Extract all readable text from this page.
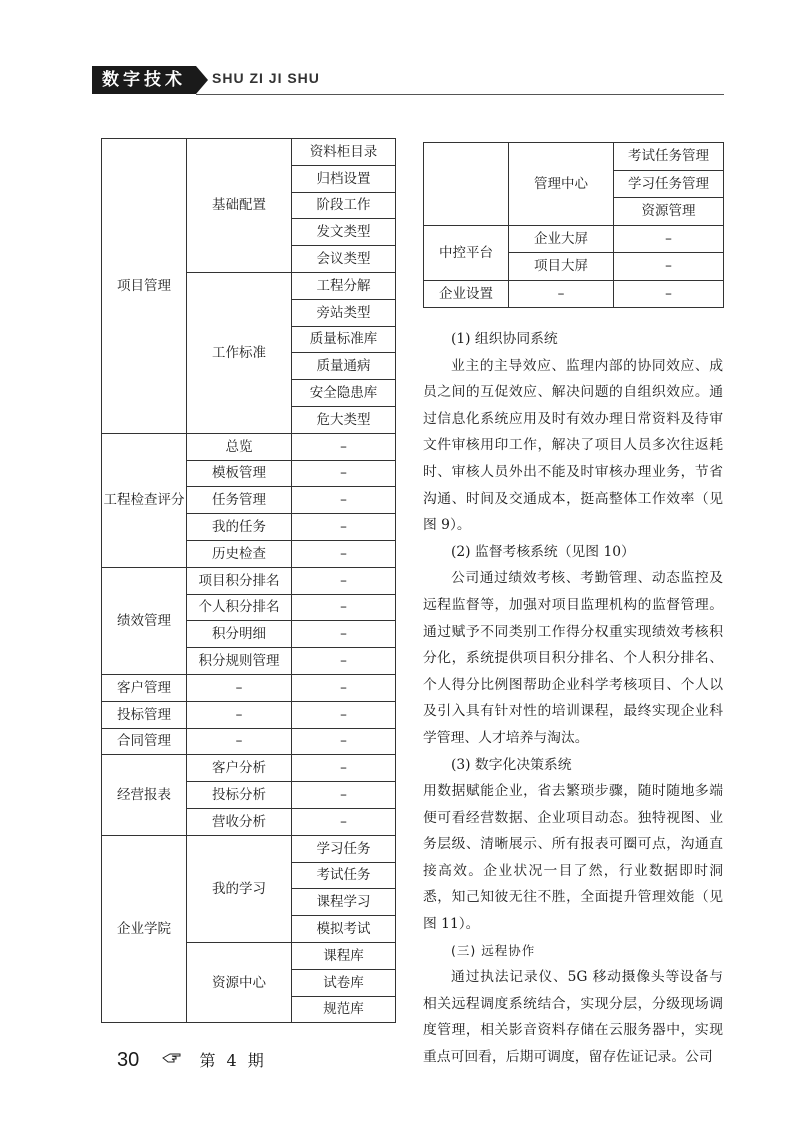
数字技术	SHU ZI JI SHU
项目管理	基础配置	资料柜目录
		归档设置
		阶段工作
		发文类型
		会议类型
	工作标准	工程分解
		旁站类型
		质量标准库
		质量通病
		安全隐患库
		危大类型
工程检查评分	总览	–
	模板管理	–
	任务管理	–
	我的任务	–
	历史检查	–
绩效管理	项目积分排名	–
	个人积分排名	–
	积分明细	–
	积分规则管理	–
客户管理	–	–
投标管理	–	–
合同管理	–	–
经营报表	客户分析	–
	投标分析	–
	营收分析	–
企业学院	我的学习	学习任务
		考试任务
		课程学习
		模拟考试
	资源中心	课程库
		试卷库
		规范库
	管理中心	考试任务管理
		学习任务管理
		资源管理
中控平台	企业大屏	–
	项目大屏	–
企业设置	–	–

(1) 组织协同系统

业主的主导效应、监理内部的协同效应、成员之间的互促效应、解决问题的自组织效应。通过信息化系统应用及时有效办理日常资料及待审文件审核用印工作，解决了项目人员多次往返耗时、审核人员外出不能及时审核办理业务，节省沟通、时间及交通成本，挺高整体工作效率（见图 9）。

(2) 监督考核系统（见图 10）

公司通过绩效考核、考勤管理、动态监控及远程监督等，加强对项目监理机构的监督管理。通过赋予不同类别工作得分权重实现绩效考核积分化，系统提供项目积分排名、个人积分排名、个人得分比例图帮助企业科学考核项目、个人以及引入具有针对性的培训课程，最终实现企业科学管理、人才培养与淘汰。

(3) 数字化决策系统

用数据赋能企业，省去繁琐步骤，随时随地多端便可看经营数据、企业项目动态。独特视图、业务层级、清晰展示、所有报表可圈可点，沟通直接高效。企业状况一目了然，行业数据即时洞悉，知己知彼无往不胜，全面提升管理效能（见图 11）。

(三) 远程协作

通过执法记录仪、5G 移动摄像头等设备与相关远程调度系统结合，实现分层，分级现场调度管理，相关影音资料存储在云服务器中，实现重点可回看，后期可调度，留存佐证记录。公司

30	第 4 期
